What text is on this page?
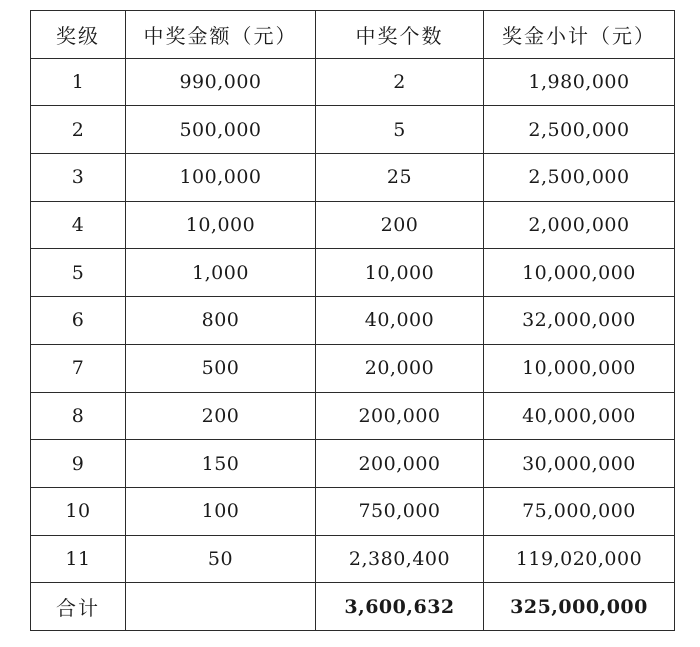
奖级	中奖金额（元）	中奖个数	奖金小计（元）
1	990,000	2	1,980,000
2	500,000	5	2,500,000
3	100,000	25	2,500,000
4	10,000	200	2,000,000
5	1,000	10,000	10,000,000
6	800	40,000	32,000,000
7	500	20,000	10,000,000
8	200	200,000	40,000,000
9	150	200,000	30,000,000
10	100	750,000	75,000,000
11	50	2,380,400	119,020,000
合计		3,600,632	325,000,000
